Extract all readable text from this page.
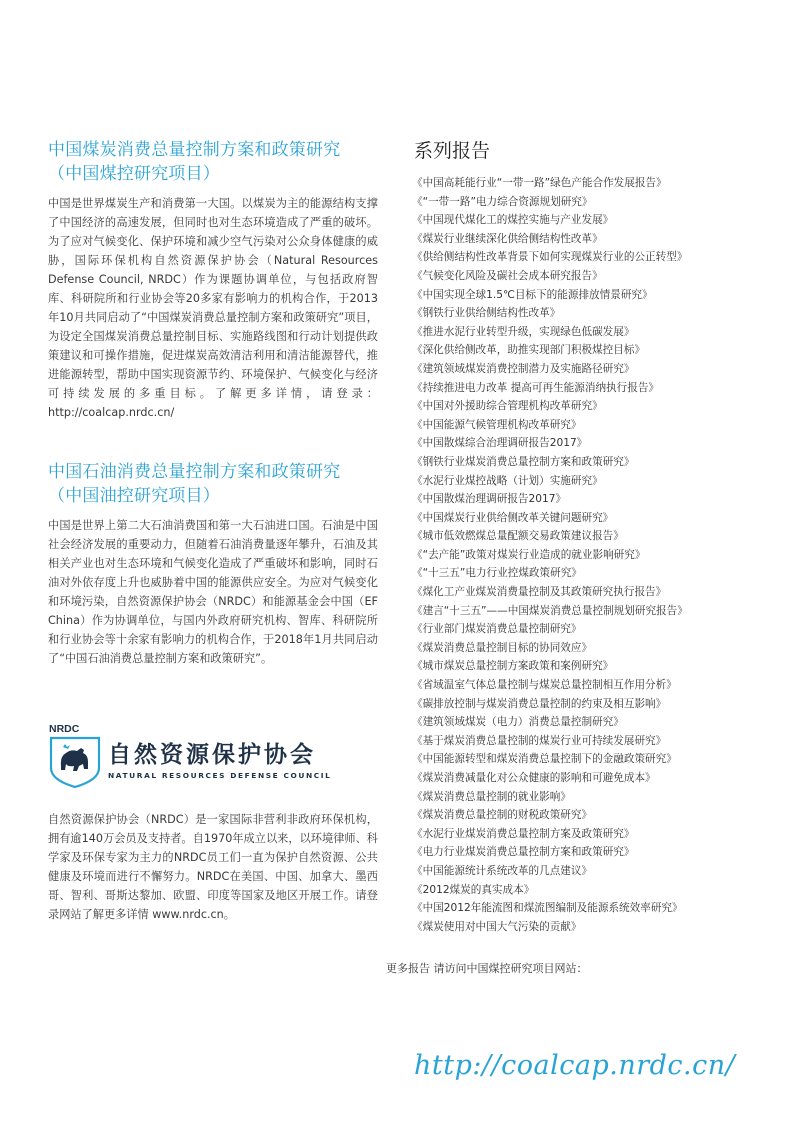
中国煤炭消费总量控制方案和政策研究
（中国煤控研究项目）

中国是世界煤炭生产和消费第一大国。以煤炭为主的能源结构支撑了中国经济的高速发展，但同时也对生态环境造成了严重的破坏。为了应对气候变化、保护环境和减少空气污染对公众身体健康的威胁，国际环保机构自然资源保护协会（Natural Resources Defense Council, NRDC）作为课题协调单位，与包括政府智库、科研院所和行业协会等20多家有影响力的机构合作，于2013年10月共同启动了“中国煤炭消费总量控制方案和政策研究”项目，为设定全国煤炭消费总量控制目标、实施路线图和行动计划提供政策建议和可操作措施，促进煤炭高效清洁利用和清洁能源替代，推进能源转型，帮助中国实现资源节约、环境保护、气候变化与经济可持续发展的多重目标。了解更多详情，请登录：http://coalcap.nrdc.cn/

中国石油消费总量控制方案和政策研究
（中国油控研究项目）

中国是世界上第二大石油消费国和第一大石油进口国。石油是中国社会经济发展的重要动力，但随着石油消费量逐年攀升，石油及其相关产业也对生态环境和气候变化造成了严重破坏和影响，同时石油对外依存度上升也威胁着中国的能源供应安全。为应对气候变化和环境污染，自然资源保护协会（NRDC）和能源基金会中国（EF China）作为协调单位，与国内外政府研究机构、智库、科研院所和行业协会等十余家有影响力的机构合作，于2018年1月共同启动了“中国石油消费总量控制方案和政策研究”。

NRDC
自然资源保护协会
NATURAL RESOURCES DEFENSE COUNCIL

自然资源保护协会（NRDC）是一家国际非营利非政府环保机构，拥有逾140万会员及支持者。自1970年成立以来，以环境律师、科学家及环保专家为主力的NRDC员工们一直为保护自然资源、公共健康及环境而进行不懈努力。NRDC在美国、中国、加拿大、墨西哥、智利、哥斯达黎加、欧盟、印度等国家及地区开展工作。请登录网站了解更多详情 www.nrdc.cn。

系列报告
《中国高耗能行业“一带一路”绿色产能合作发展报告》
《“一带一路”电力综合资源规划研究》
《中国现代煤化工的煤控实施与产业发展》
《煤炭行业继续深化供给侧结构性改革》
《供给侧结构性改革背景下如何实现煤炭行业的公正转型》
《气候变化风险及碳社会成本研究报告》
《中国实现全球1.5℃目标下的能源排放情景研究》
《钢铁行业供给侧结构性改革》
《推进水泥行业转型升级，实现绿色低碳发展》
《深化供给侧改革，助推实现部门积极煤控目标》
《建筑领域煤炭消费控制潜力及实施路径研究》
《持续推进电力改革 提高可再生能源消纳执行报告》
《中国对外援助综合管理机构改革研究》
《中国能源气候管理机构改革研究》
《中国散煤综合治理调研报告2017》
《钢铁行业煤炭消费总量控制方案和政策研究》
《水泥行业煤控战略（计划）实施研究》
《中国散煤治理调研报告2017》
《中国煤炭行业供给侧改革关键问题研究》
《城市低效燃煤总量配额交易政策建议报告》
《“去产能”政策对煤炭行业造成的就业影响研究》
《“十三五”电力行业控煤政策研究》
《煤化工产业煤炭消费量控制及其政策研究执行报告》
《建言“十三五”——中国煤炭消费总量控制规划研究报告》
《行业部门煤炭消费总量控制研究》
《煤炭消费总量控制目标的协同效应》
《城市煤炭总量控制方案政策和案例研究》
《省域温室气体总量控制与煤炭总量控制相互作用分析》
《碳排放控制与煤炭消费总量控制的约束及相互影响》
《建筑领域煤炭（电力）消费总量控制研究》
《基于煤炭消费总量控制的煤炭行业可持续发展研究》
《中国能源转型和煤炭消费总量控制下的金融政策研究》
《煤炭消费减量化对公众健康的影响和可避免成本》
《煤炭消费总量控制的就业影响》
《煤炭消费总量控制的财税政策研究》
《水泥行业煤炭消费总量控制方案及政策研究》
《电力行业煤炭消费总量控制方案和政策研究》
《中国能源统计系统改革的几点建议》
《2012煤炭的真实成本》
《中国2012年能流图和煤流图编制及能源系统效率研究》
《煤炭使用对中国大气污染的贡献》
更多报告 请访问中国煤控研究项目网站：
http://coalcap.nrdc.cn/
